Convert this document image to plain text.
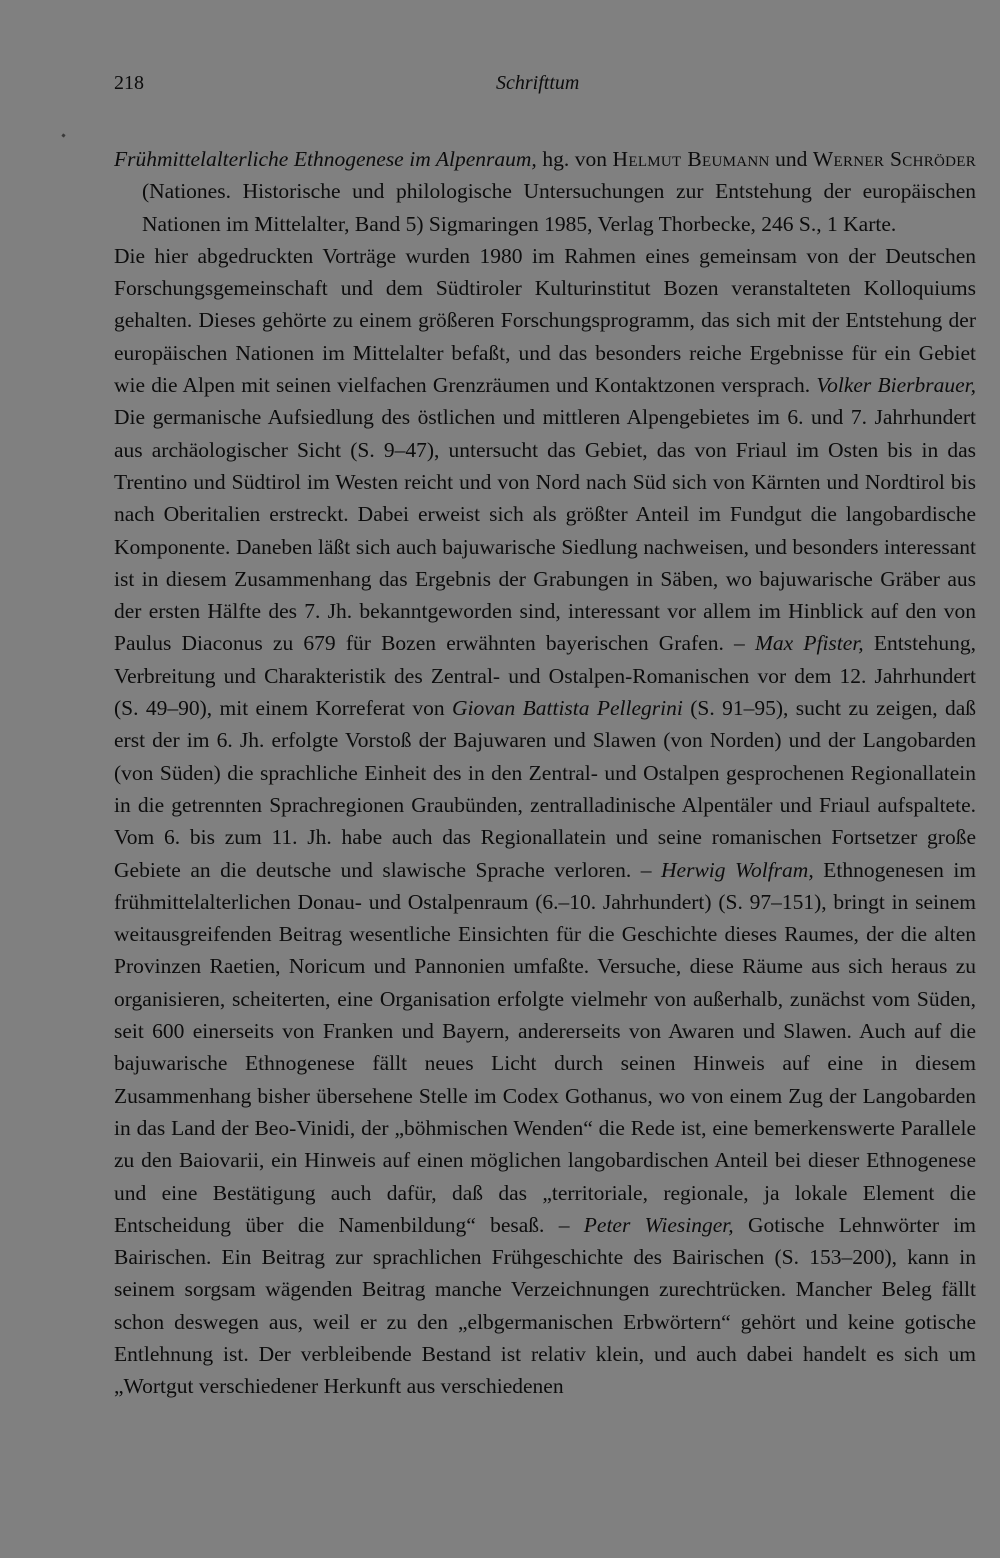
218	Schrifttum

Frühmittelalterliche Ethnogenese im Alpenraum, hg. von Helmut Beumann und Werner Schröder (Nationes. Historische und philologische Untersuchungen zur Entstehung der europäischen Nationen im Mittelalter, Band 5) Sigmaringen 1985, Verlag Thorbecke, 246 S., 1 Karte.

Die hier abgedruckten Vorträge wurden 1980 im Rahmen eines gemeinsam von der Deutschen Forschungsgemeinschaft und dem Südtiroler Kulturinstitut Bozen veranstalteten Kolloquiums gehalten. Dieses gehörte zu einem größeren Forschungsprogramm, das sich mit der Entstehung der europäischen Nationen im Mittelalter befaßt, und das besonders reiche Ergebnisse für ein Gebiet wie die Alpen mit seinen vielfachen Grenzräumen und Kontaktzonen versprach. Volker Bierbrauer, Die germanische Aufsiedlung des östlichen und mittleren Alpengebietes im 6. und 7. Jahrhundert aus archäologischer Sicht (S. 9–47), untersucht das Gebiet, das von Friaul im Osten bis in das Trentino und Südtirol im Westen reicht und von Nord nach Süd sich von Kärnten und Nordtirol bis nach Oberitalien erstreckt. Dabei erweist sich als größter Anteil im Fundgut die langobardische Komponente. Daneben läßt sich auch bajuwarische Siedlung nachweisen, und besonders interessant ist in diesem Zusammenhang das Ergebnis der Grabungen in Säben, wo bajuwarische Gräber aus der ersten Hälfte des 7. Jh. bekanntgeworden sind, interessant vor allem im Hinblick auf den von Paulus Diaconus zu 679 für Bozen erwähnten bayerischen Grafen. – Max Pfister, Entstehung, Verbreitung und Charakteristik des Zentral- und Ostalpen-Romanischen vor dem 12. Jahrhundert (S. 49–90), mit einem Korreferat von Giovan Battista Pellegrini (S. 91–95), sucht zu zeigen, daß erst der im 6. Jh. erfolgte Vorstoß der Bajuwaren und Slawen (von Norden) und der Langobarden (von Süden) die sprachliche Einheit des in den Zentral- und Ostalpen gesprochenen Regionallatein in die getrennten Sprachregionen Graubünden, zentralladinische Alpentäler und Friaul aufspaltete. Vom 6. bis zum 11. Jh. habe auch das Regionallatein und seine romanischen Fortsetzer große Gebiete an die deutsche und slawische Sprache verloren. – Herwig Wolfram, Ethnogenesen im frühmittelalterlichen Donau- und Ostalpenraum (6.–10. Jahrhundert) (S. 97–151), bringt in seinem weitausgreifenden Beitrag wesentliche Einsichten für die Geschichte dieses Raumes, der die alten Provinzen Raetien, Noricum und Pannonien umfaßte. Versuche, diese Räume aus sich heraus zu organisieren, scheiterten, eine Organisation erfolgte vielmehr von außerhalb, zunächst vom Süden, seit 600 einerseits von Franken und Bayern, andererseits von Awaren und Slawen. Auch auf die bajuwarische Ethnogenese fällt neues Licht durch seinen Hinweis auf eine in diesem Zusammenhang bisher übersehene Stelle im Codex Gothanus, wo von einem Zug der Langobarden in das Land der Beo-Vinidi, der „böhmischen Wenden“ die Rede ist, eine bemerkenswerte Parallele zu den Baiovarii, ein Hinweis auf einen möglichen langobardischen Anteil bei dieser Ethnogenese und eine Bestätigung auch dafür, daß das „territoriale, regionale, ja lokale Element die Entscheidung über die Namenbildung“ besaß. – Peter Wiesinger, Gotische Lehnwörter im Bairischen. Ein Beitrag zur sprachlichen Frühgeschichte des Bairischen (S. 153–200), kann in seinem sorgsam wägenden Beitrag manche Verzeichnungen zurechtrücken. Mancher Beleg fällt schon deswegen aus, weil er zu den „elbgermanischen Erbwörtern“ gehört und keine gotische Entlehnung ist. Der verbleibende Bestand ist relativ klein, und auch dabei handelt es sich um „Wortgut verschiedener Herkunft aus verschiedenen
